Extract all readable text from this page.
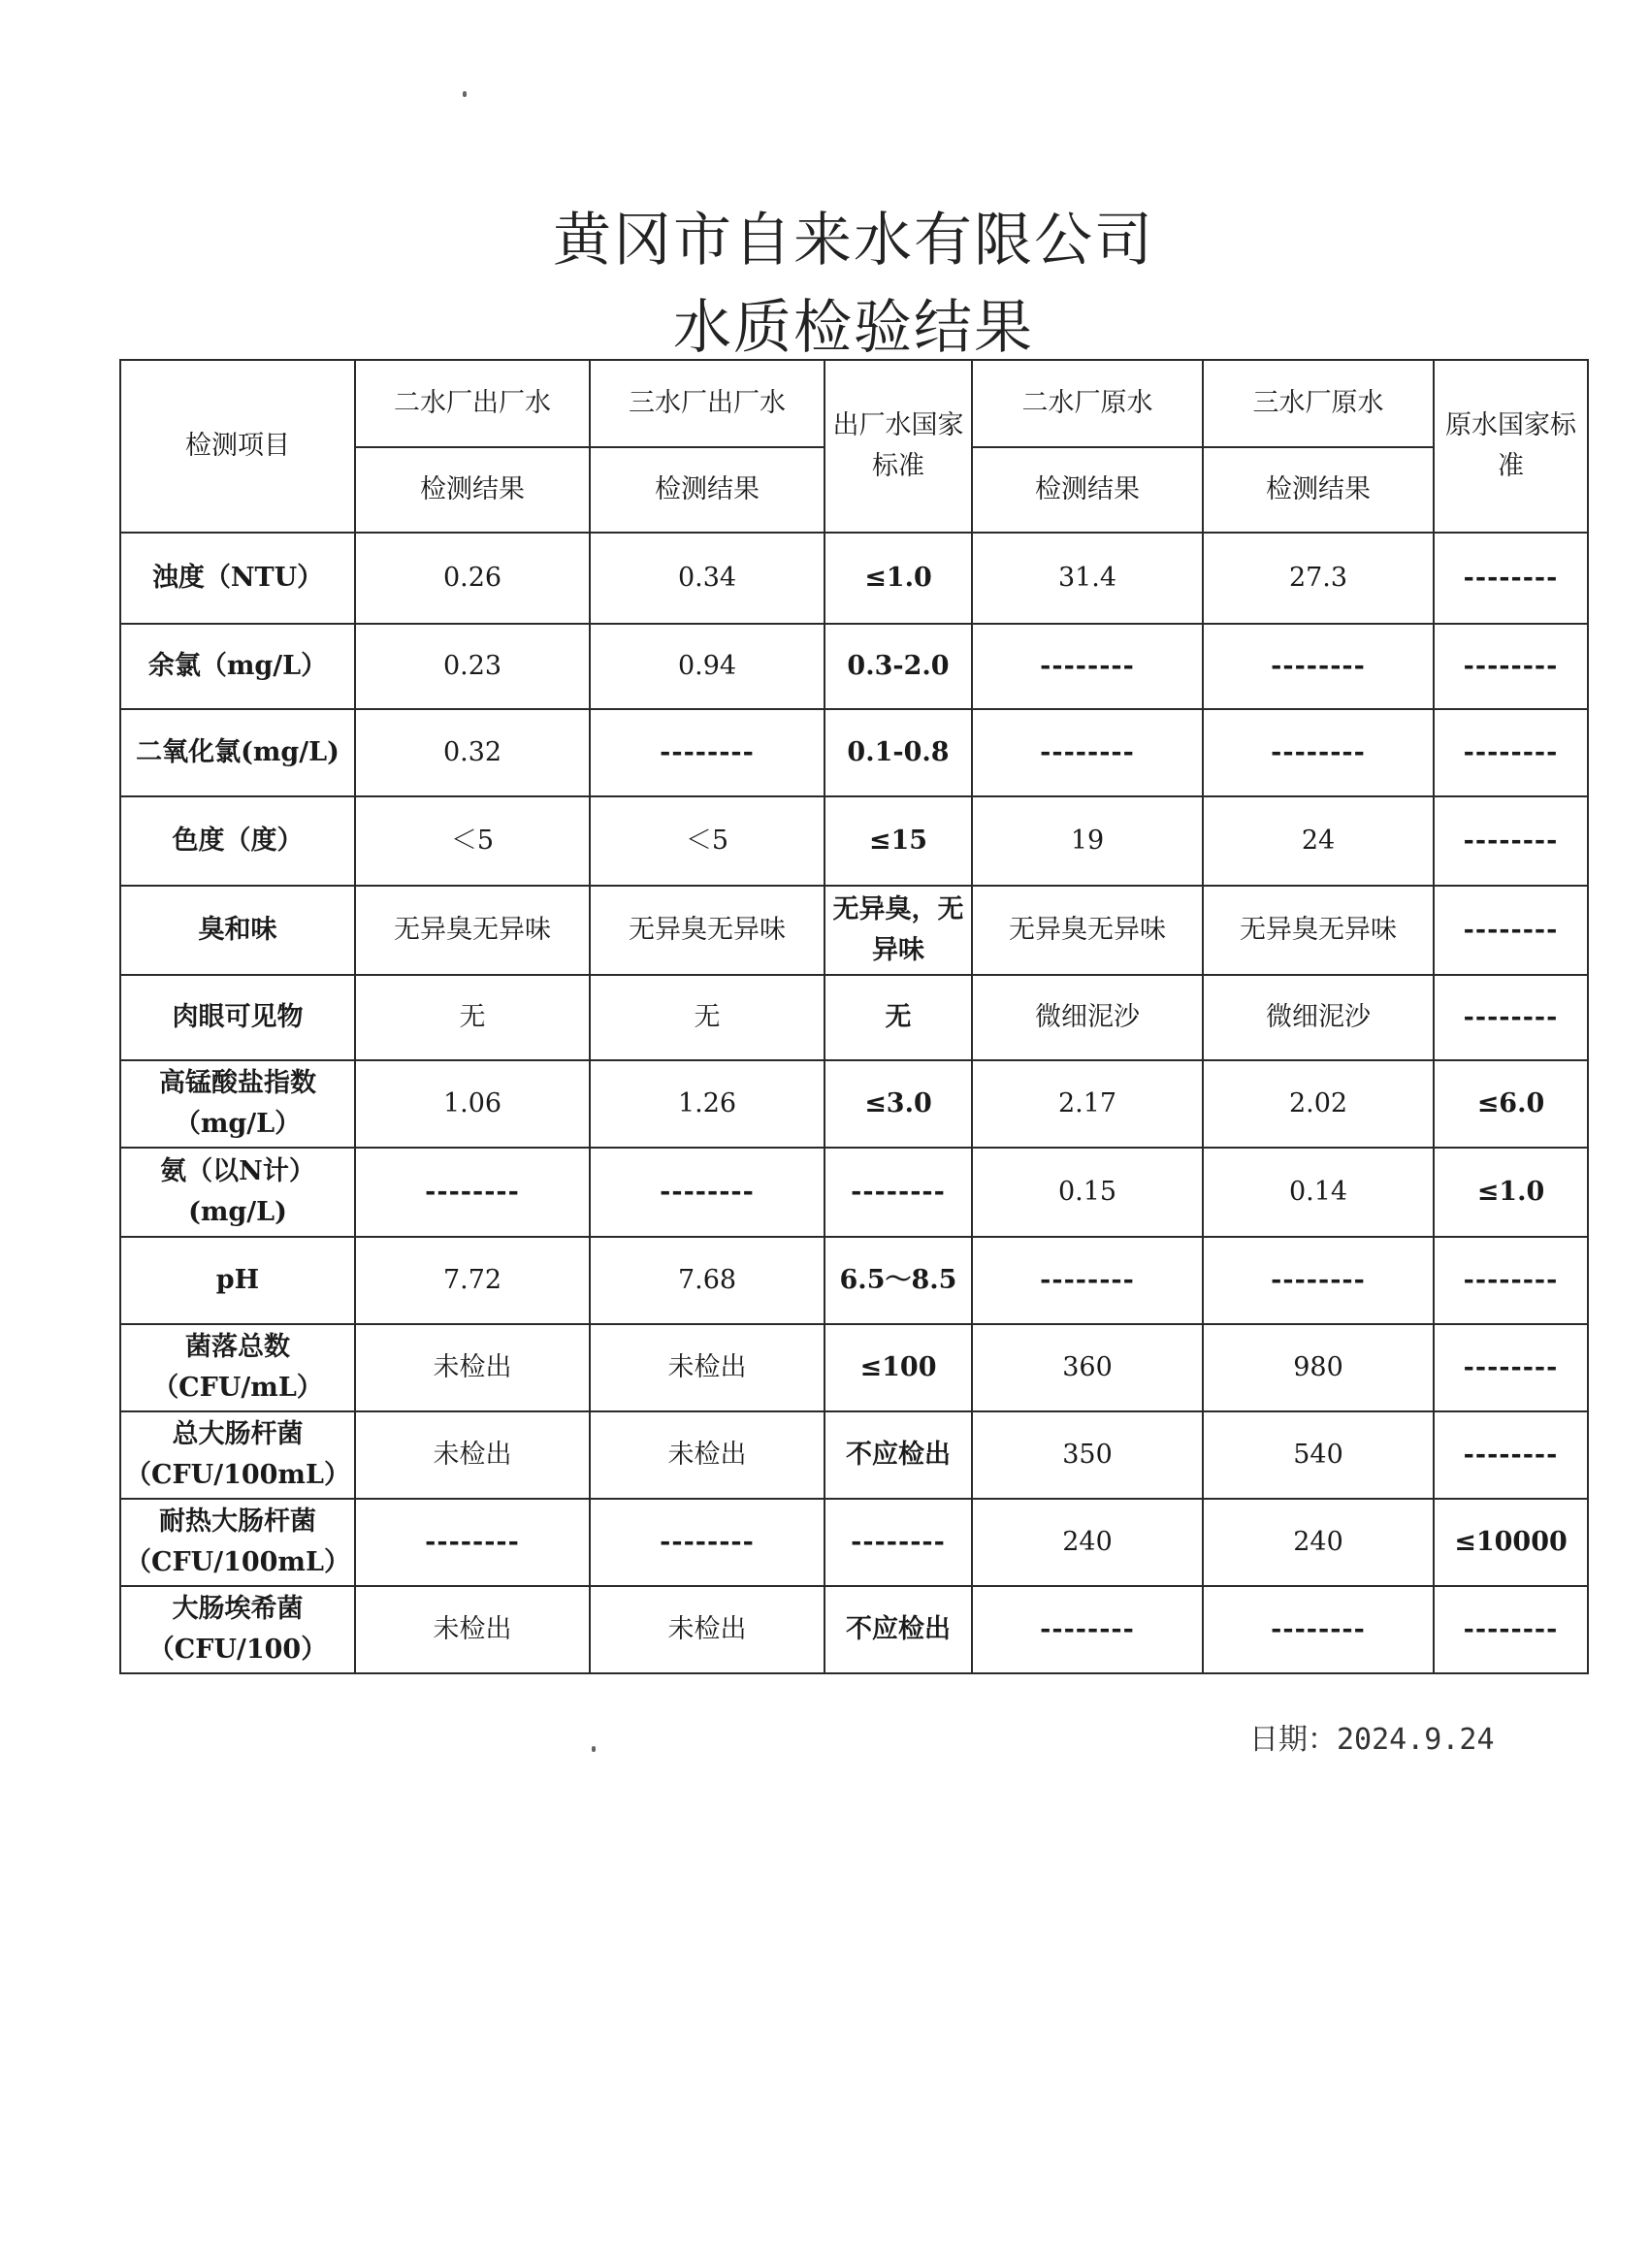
黄冈市自来水有限公司
水质检验结果
检测项目	二水厂出厂水	三水厂出厂水	出厂水国家标准	二水厂原水	三水厂原水	原水国家标准
	检测结果	检测结果		检测结果	检测结果	
浊度（NTU）	0.26	0.34	≤1.0	31.4	27.3	--------
余氯（mg/L）	0.23	0.94	0.3-2.0	--------	--------	--------
二氧化氯(mg/L)	0.32	--------	0.1-0.8	--------	--------	--------
色度（度）	＜5	＜5	≤15	19	24	--------
臭和味	无异臭无异味	无异臭无异味	无异臭，无异味	无异臭无异味	无异臭无异味	--------
肉眼可见物	无	无	无	微细泥沙	微细泥沙	--------
高锰酸盐指数（mg/L）	1.06	1.26	≤3.0	2.17	2.02	≤6.0
氨（以N计）(mg/L)	--------	--------	--------	0.15	0.14	≤1.0
pH	7.72	7.68	6.5～8.5	--------	--------	--------
菌落总数（CFU/mL）	未检出	未检出	≤100	360	980	--------
总大肠杆菌（CFU/100mL）	未检出	未检出	不应检出	350	540	--------
耐热大肠杆菌（CFU/100mL）	--------	--------	--------	240	240	≤10000
大肠埃希菌（CFU/100）	未检出	未检出	不应检出	--------	--------	--------
日期：2024.9.24
